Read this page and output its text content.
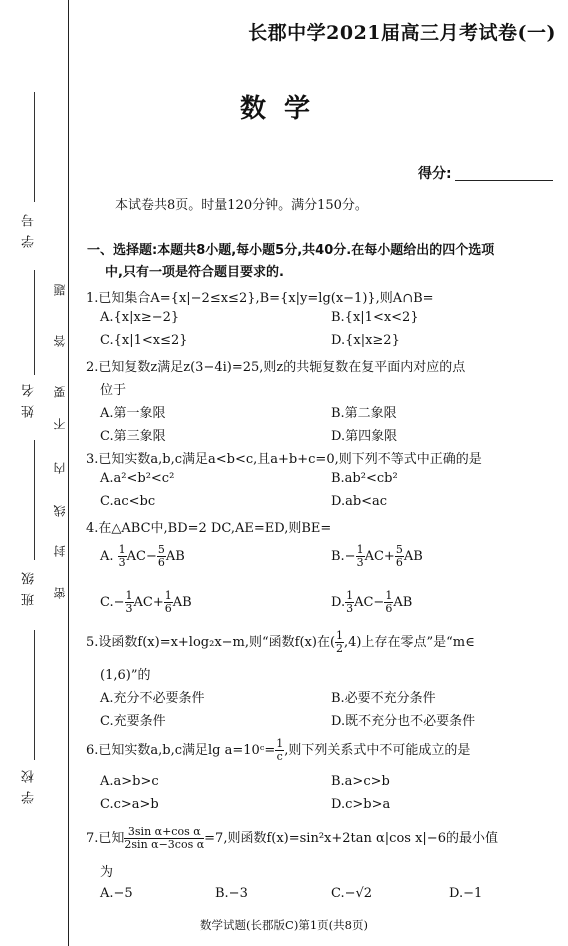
学 号
姓 名
班 级
学 校
题
答
要
不
内
线
封
密
长郡中学2021届高三月考试卷(一)
数学
得分:
本试卷共8页。时量120分钟。满分150分。
一、选择题:本题共8小题,每小题5分,共40分.在每小题给出的四个选项
中,只有一项是符合题目要求的.
1.已知集合A={x|−2≤x≤2},B={x|y=lg(x−1)},则A∩B=
A.{x|x≥−2}	B.{x|1<x<2}
C.{x|1<x≤2}	D.{x|x≥2}
2.已知复数z满足z(3−4i)=25,则z的共轭复数在复平面内对应的点
位于
A.第一象限	B.第二象限
C.第三象限	D.第四象限
3.已知实数a,b,c满足a<b<c,且a+b+c=0,则下列不等式中正确的是
A.a²<b²<c²	B.ab²<cb²
C.ac<bc	D.ab<ac
4.在△ABC中,BD=2 DC,AE=ED,则BE=
A. $\frac{1}{3} AC- \frac{5}{6}$ AB	$B.- \frac{1}{3} AC+ \frac{5}{6}$ AB
$C.- \frac{1}{3} AC+ \frac{1}{6}$ AB	D. $\frac{1}{3} AC- \frac{1}{6}$ AB
5.设函数f(x)=x+log₂x−m,则“函数f(x)在( $\frac{1}{2} ,4$)上存在零点”是“m∈
(1,6)”的
A.充分不必要条件	B.必要不充分条件
C.充要条件	D.既不充分也不必要条件
6.已知实数a,b,c满足lg a=10ᶜ= $\frac{1}{c}$ ,则下列关系式中不可能成立的是
A.a>b>c	B.a>c>b
C.c>a>b	D.c>b>a
7.已知 $\frac{\text{3sin α+cos α}}{\text{2sin α−3cos α}} =7$,则函数f(x)=sin²x+2tan α|cos x|−6的最小值
为
A.−5	B.−3	C.−√2	D.−1
数学试题(长郡版C)第1页(共8页)
